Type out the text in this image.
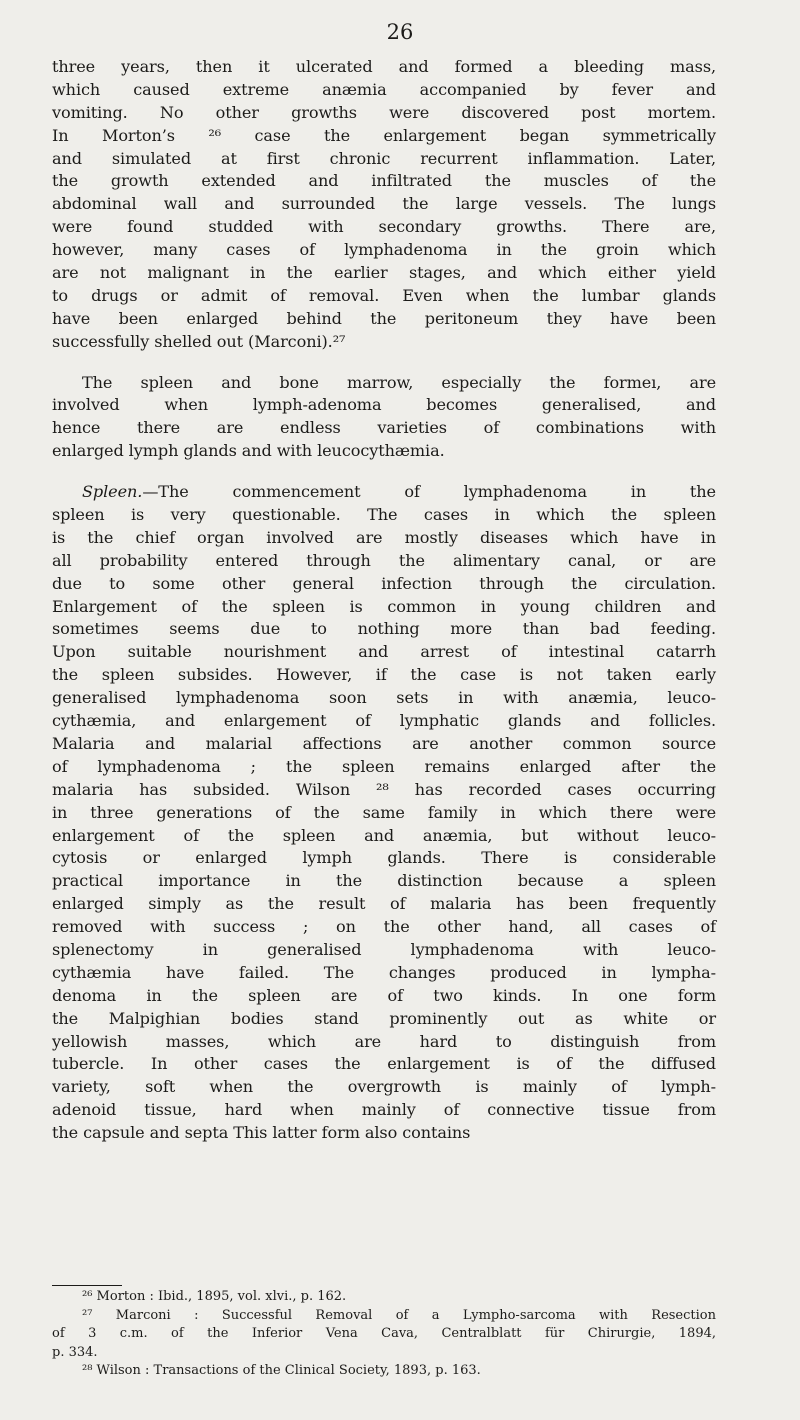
26
three years, then it ulcerated and formed a bleeding mass,
which caused extreme anæmia accompanied by fever and
vomiting. No other growths were discovered post mortem.
In Morton’s ²⁶ case the enlargement began symmetrically
and simulated at first chronic recurrent inflammation. Later,
the growth extended and infiltrated the muscles of the
abdominal wall and surrounded the large vessels. The lungs
were found studded with secondary growths. There are,
however, many cases of lymphadenoma in the groin which
are not malignant in the earlier stages, and which either yield
to drugs or admit of removal. Even when the lumbar glands
have been enlarged behind the peritoneum they have been
successfully shelled out (Marconi).²⁷
The spleen and bone marrow, especially the formeı, are
involved when lymph-adenoma becomes generalised, and
hence there are endless varieties of combinations with
enlarged lymph glands and with leucocythæmia.
Spleen.—The commencement of lymphadenoma in the
spleen is very questionable. The cases in which the spleen
is the chief organ involved are mostly diseases which have in
all probability entered through the alimentary canal, or are
due to some other general infection through the circulation.
Enlargement of the spleen is common in young children and
sometimes seems due to nothing more than bad feeding.
Upon suitable nourishment and arrest of intestinal catarrh
the spleen subsides. However, if the case is not taken early
generalised lymphadenoma soon sets in with anæmia, leuco-
cythæmia, and enlargement of lymphatic glands and follicles.
Malaria and malarial affections are another common source
of lymphadenoma ; the spleen remains enlarged after the
malaria has subsided. Wilson ²⁸ has recorded cases occurring
in three generations of the same family in which there were
enlargement of the spleen and anæmia, but without leuco-
cytosis or enlarged lymph glands. There is considerable
practical importance in the distinction because a spleen
enlarged simply as the result of malaria has been frequently
removed with success ; on the other hand, all cases of
splenectomy in generalised lymphadenoma with leuco-
cythæmia have failed. The changes produced in lympha-
denoma in the spleen are of two kinds. In one form
the Malpighian bodies stand prominently out as white or
yellowish masses, which are hard to distinguish from
tubercle. In other cases the enlargement is of the diffused
variety, soft when the overgrowth is mainly of lymph-
adenoid tissue, hard when mainly of connective tissue from
the capsule and septa This latter form also contains
²⁶ Morton : Ibid., 1895, vol. xlvi., p. 162.
²⁷ Marconi : Successful Removal of a Lympho-sarcoma with Resection
of 3 c.m. of the Inferior Vena Cava, Centralblatt für Chirurgie, 1894,
p. 334.
²⁸ Wilson : Transactions of the Clinical Society, 1893, p. 163.
